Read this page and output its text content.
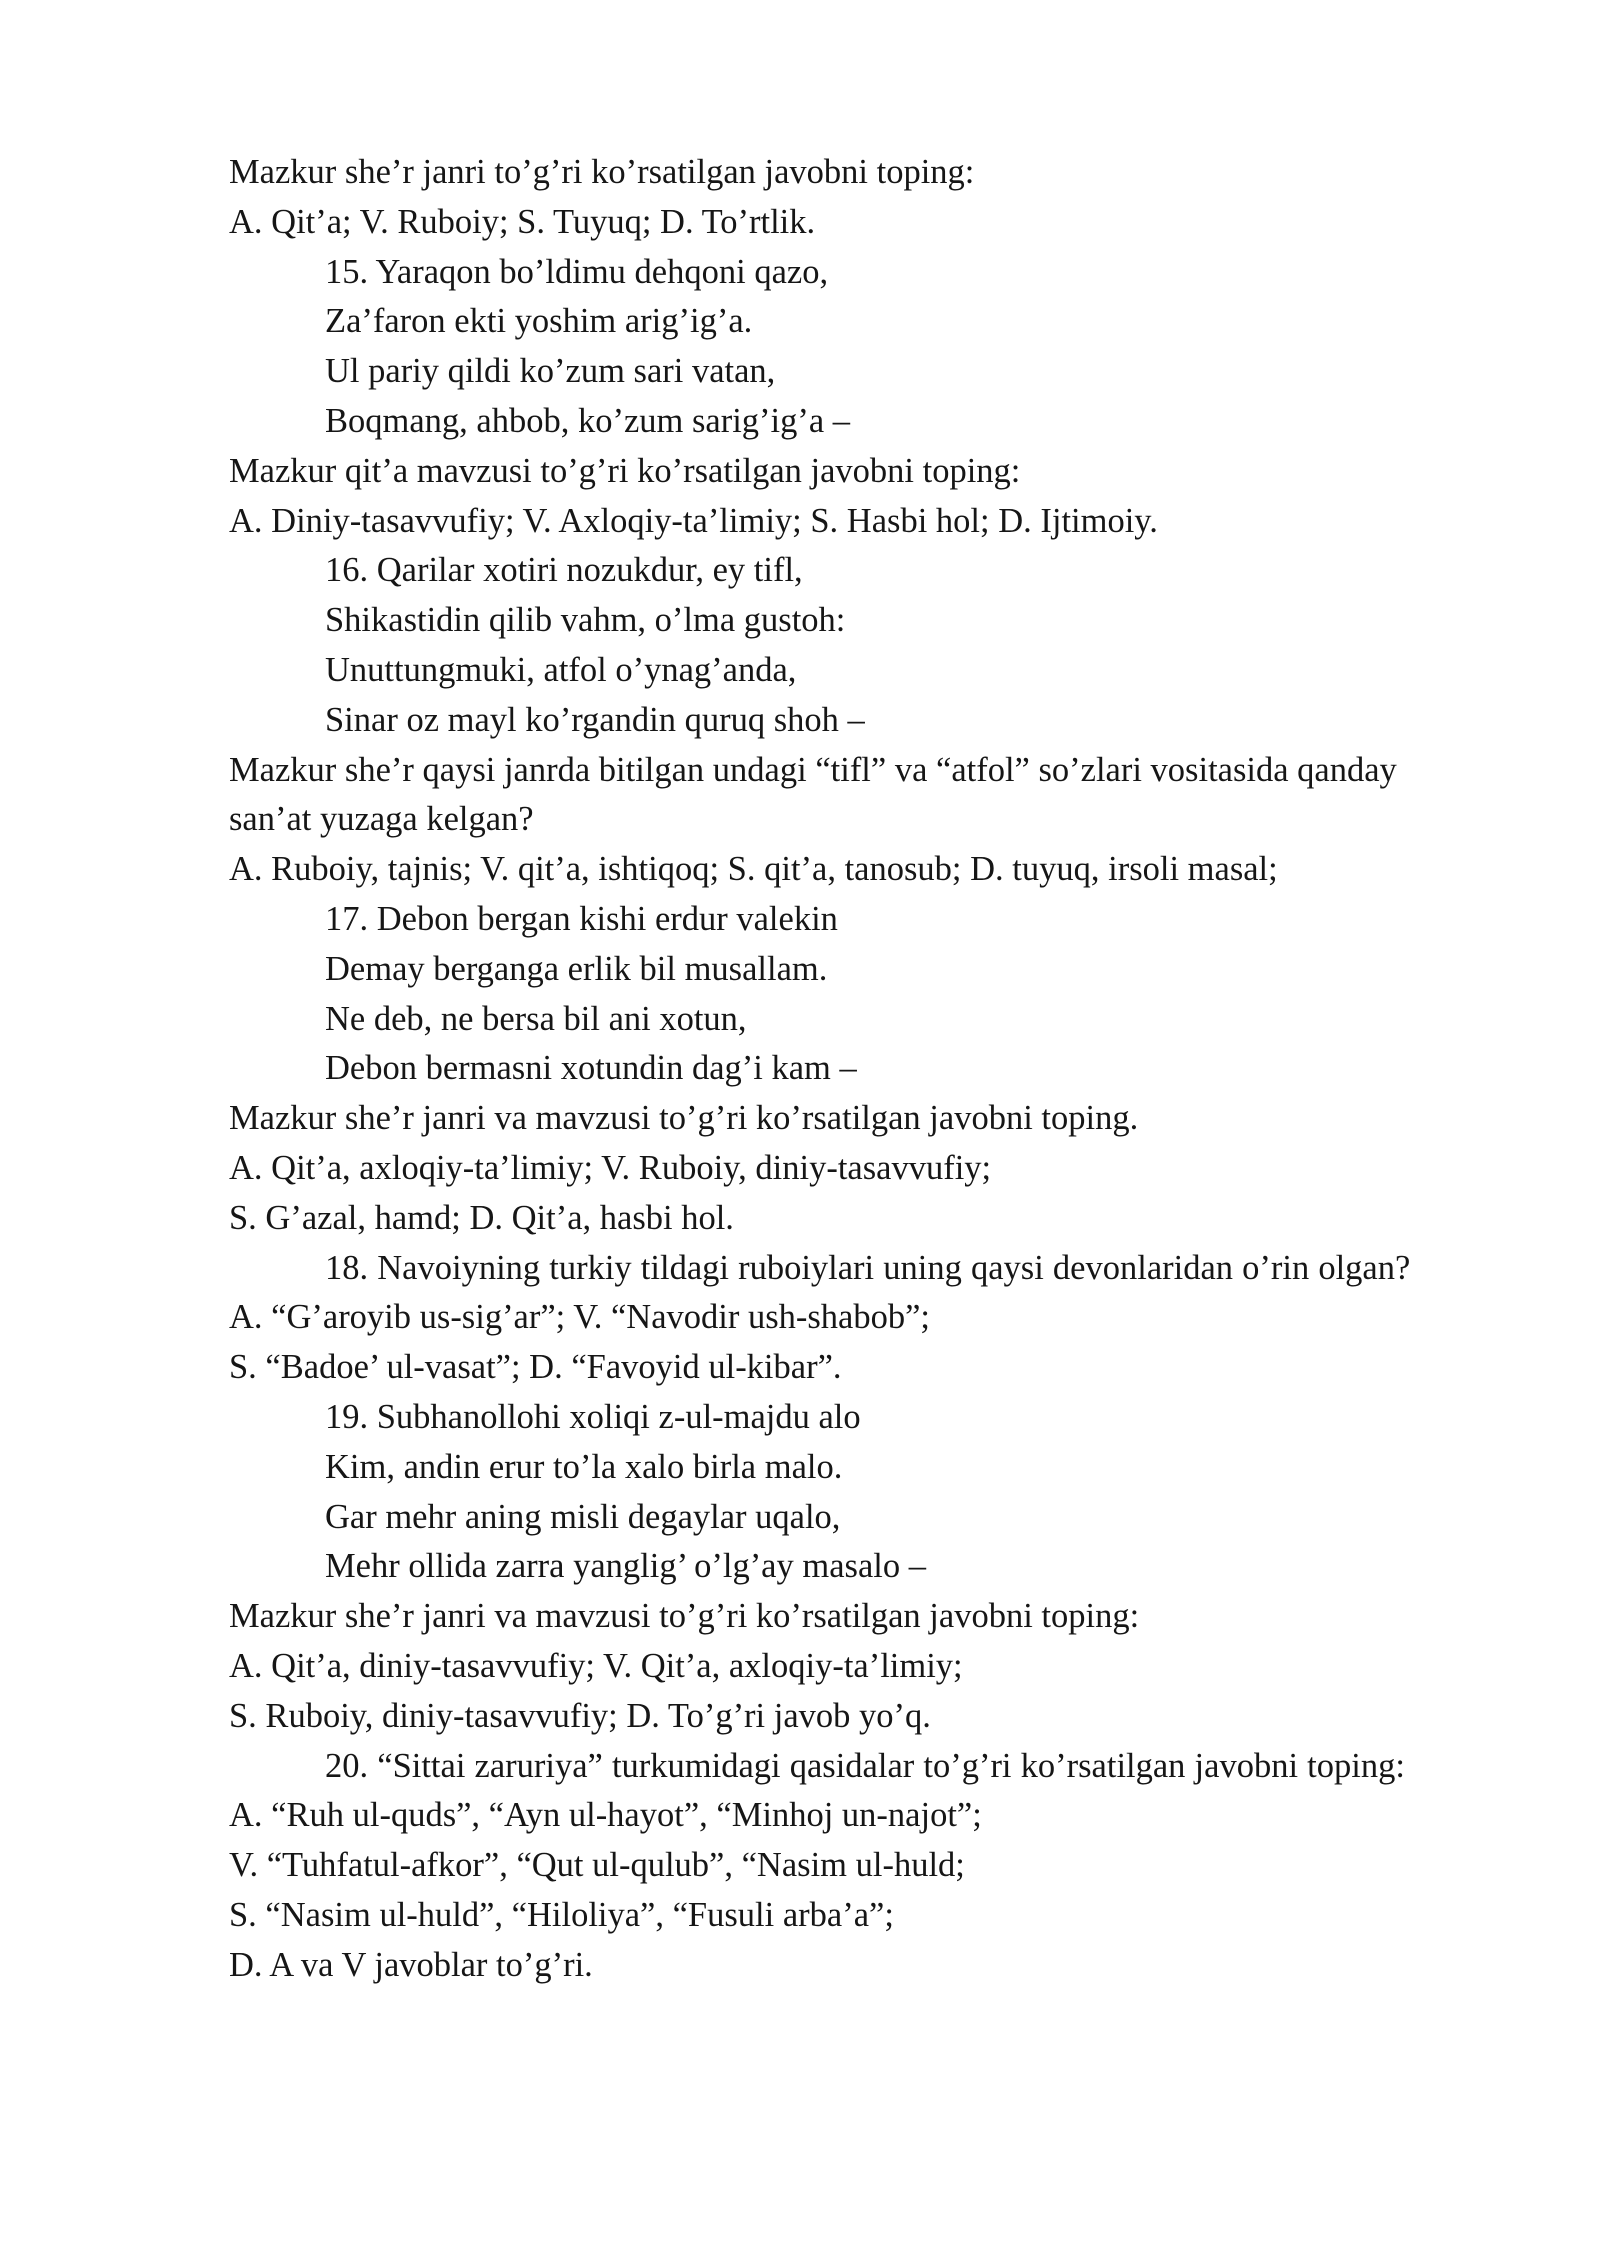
Mazkur she’r janri to’g’ri ko’rsatilgan javobni toping:
A. Qit’a; V. Ruboiy; S. Tuyuq; D. To’rtlik.
15. Yaraqon bo’ldimu dehqoni qazo,
Za’faron ekti yoshim arig’ig’a.
Ul pariy qildi ko’zum sari vatan,
Boqmang, ahbob, ko’zum sarig’ig’a –
Mazkur qit’a mavzusi to’g’ri ko’rsatilgan javobni toping:
A. Diniy-tasavvufiy; V. Axloqiy-ta’limiy; S. Hasbi hol; D. Ijtimoiy.
16. Qarilar xotiri nozukdur, ey tifl,
Shikastidin qilib vahm, o’lma gustoh:
Unuttungmuki, atfol o’ynag’anda,
Sinar oz mayl ko’rgandin quruq shoh –
Mazkur she’r qaysi janrda bitilgan undagi “tifl” va “atfol” so’zlari vositasida qanday san’at yuzaga kelgan?
A. Ruboiy, tajnis; V. qit’a, ishtiqoq; S. qit’a, tanosub; D. tuyuq, irsoli masal;
17. Debon bergan kishi erdur valekin
Demay berganga erlik bil musallam.
Ne deb, ne bersa bil ani xotun,
Debon bermasni xotundin dag’i kam –
Mazkur she’r janri va mavzusi to’g’ri ko’rsatilgan javobni toping.
A. Qit’a, axloqiy-ta’limiy; V. Ruboiy, diniy-tasavvufiy;
S. G’azal, hamd; D. Qit’a, hasbi hol.
18. Navoiyning turkiy tildagi ruboiylari uning qaysi devonlaridan o’rin olgan?
A. “G’aroyib us-sig’ar”; V. “Navodir ush-shabob”;
S. “Badoe’ ul-vasat”; D. “Favoyid ul-kibar”.
19. Subhanollohi xoliqi z-ul-majdu alo
Kim, andin erur to’la xalo birla malo.
Gar mehr aning misli degaylar uqalo,
Mehr ollida zarra yanglig’ o’lg’ay masalo –
Mazkur she’r janri va mavzusi to’g’ri ko’rsatilgan javobni toping:
A. Qit’a, diniy-tasavvufiy; V. Qit’a, axloqiy-ta’limiy;
S. Ruboiy, diniy-tasavvufiy; D. To’g’ri javob yo’q.
20. “Sittai zaruriya” turkumidagi qasidalar to’g’ri ko’rsatilgan javobni toping:
A. “Ruh ul-quds”, “Ayn ul-hayot”, “Minhoj un-najot”;
V. “Tuhfatul-afkor”, “Qut ul-qulub”, “Nasim ul-huld;
S. “Nasim ul-huld”, “Hiloliya”, “Fusuli arba’a”;
D. A va V javoblar to’g’ri.
